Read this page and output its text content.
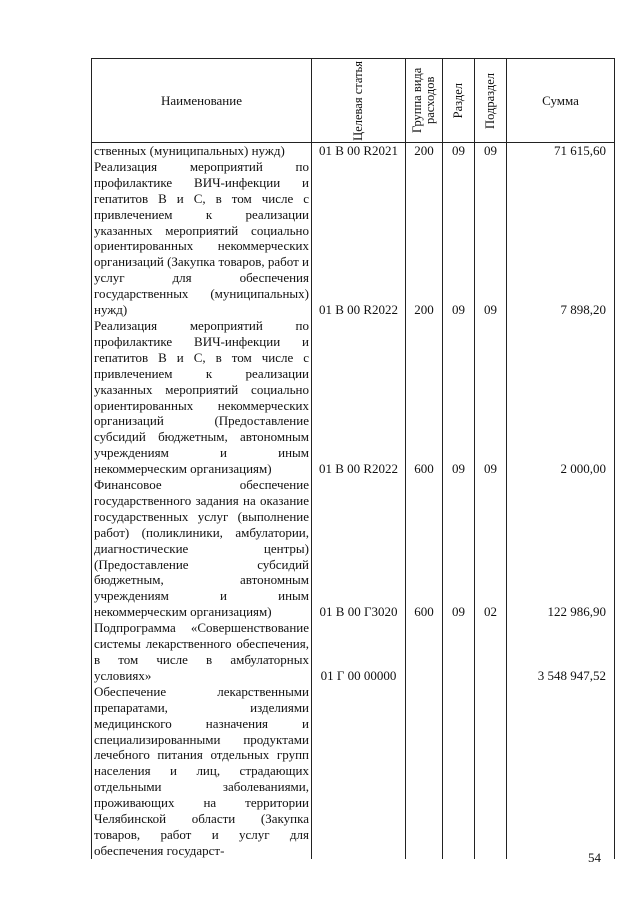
Наименование	Целевая статья	Группа вида расходов	Раздел	Подраздел	Сумма
ственных (муниципальных) нужд)	01 В 00 R2021	200	09	09	71 615,60
Реализация мероприятий по профилактике ВИЧ-инфекции и гепатитов В и С, в том числе с привлечением к реализации указанных мероприятий социально ориентированных некоммерческих организаций (Закупка товаров, работ и услуг для обеспечения государственных (муниципальных) нужд)	01 В 00 R2022	200	09	09	7 898,20
Реализация мероприятий по профилактике ВИЧ-инфекции и гепатитов В и С, в том числе с привлечением к реализации указанных мероприятий социально ориентированных некоммерческих организаций (Предоставление субсидий бюджетным, автономным учреждениям и иным некоммерческим организациям)	01 В 00 R2022	600	09	09	2 000,00
Финансовое обеспечение государственного задания на оказание государственных услуг (выполнение работ) (поликлиники, амбулатории, диагностические центры) (Предоставление субсидий бюджетным, автономным учреждениям и иным некоммерческим организациям)	01 В 00 Г3020	600	09	02	122 986,90
Подпрограмма «Совершенствование системы лекарственного обеспечения, в том числе в амбулаторных условиях»	01 Г 00 00000				3 548 947,52
Обеспечение лекарственными препаратами, изделиями медицинского назначения и специализированными продуктами лечебного питания отдельных групп населения и лиц, страдающих отдельными заболеваниями, проживающих на территории Челябинской области (Закупка товаров, работ и услуг для обеспечения государст-						54
